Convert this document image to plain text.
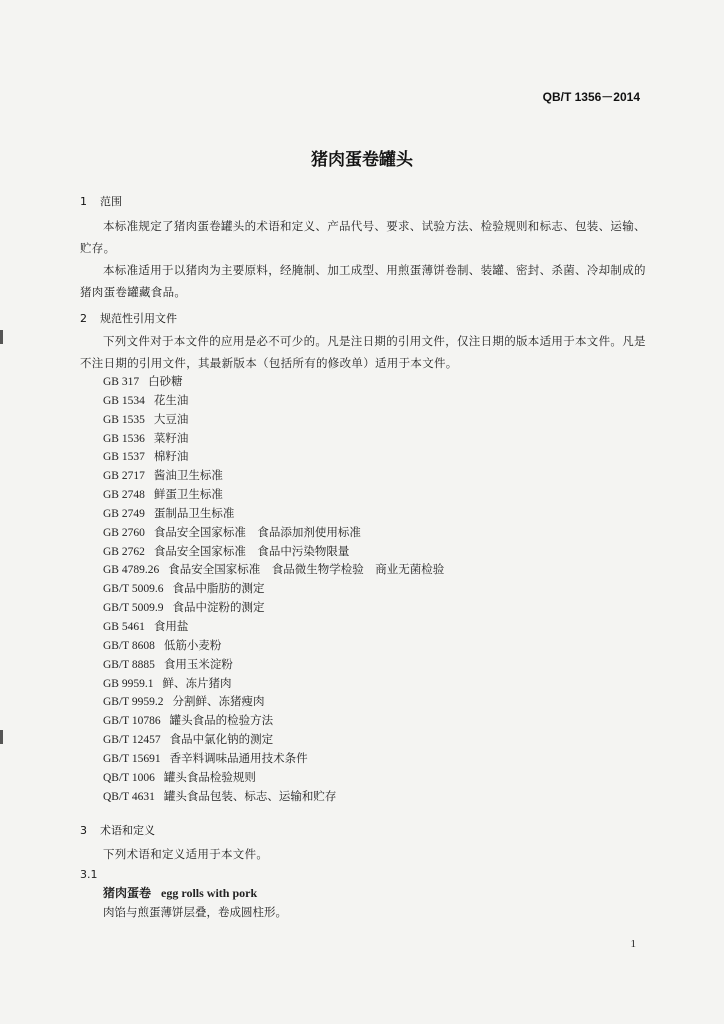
QB/T 1356－2014
猪肉蛋卷罐头
1 范围
本标准规定了猪肉蛋卷罐头的术语和定义、产品代号、要求、试验方法、检验规则和标志、包装、运输、贮存。
本标准适用于以猪肉为主要原料，经腌制、加工成型、用煎蛋薄饼卷制、装罐、密封、杀菌、冷却制成的猪肉蛋卷罐藏食品。
2 规范性引用文件
下列文件对于本文件的应用是必不可少的。凡是注日期的引用文件，仅注日期的版本适用于本文件。凡是不注日期的引用文件，其最新版本（包括所有的修改单）适用于本文件。
GB 317 白砂糖
GB 1534 花生油
GB 1535 大豆油
GB 1536 菜籽油
GB 1537 棉籽油
GB 2717 酱油卫生标准
GB 2748 鲜蛋卫生标准
GB 2749 蛋制品卫生标准
GB 2760 食品安全国家标准　食品添加剂使用标准
GB 2762 食品安全国家标准　食品中污染物限量
GB 4789.26 食品安全国家标准　食品微生物学检验　商业无菌检验
GB/T 5009.6 食品中脂肪的测定
GB/T 5009.9 食品中淀粉的测定
GB 5461 食用盐
GB/T 8608 低筋小麦粉
GB/T 8885 食用玉米淀粉
GB 9959.1 鲜、冻片猪肉
GB/T 9959.2 分割鲜、冻猪瘦肉
GB/T 10786 罐头食品的检验方法
GB/T 12457 食品中氯化钠的测定
GB/T 15691 香辛料调味品通用技术条件
QB/T 1006 罐头食品检验规则
QB/T 4631 罐头食品包装、标志、运输和贮存
3 术语和定义
下列术语和定义适用于本文件。
3.1
猪肉蛋卷 egg rolls with pork
肉馅与煎蛋薄饼层叠，卷成圆柱形。
1
